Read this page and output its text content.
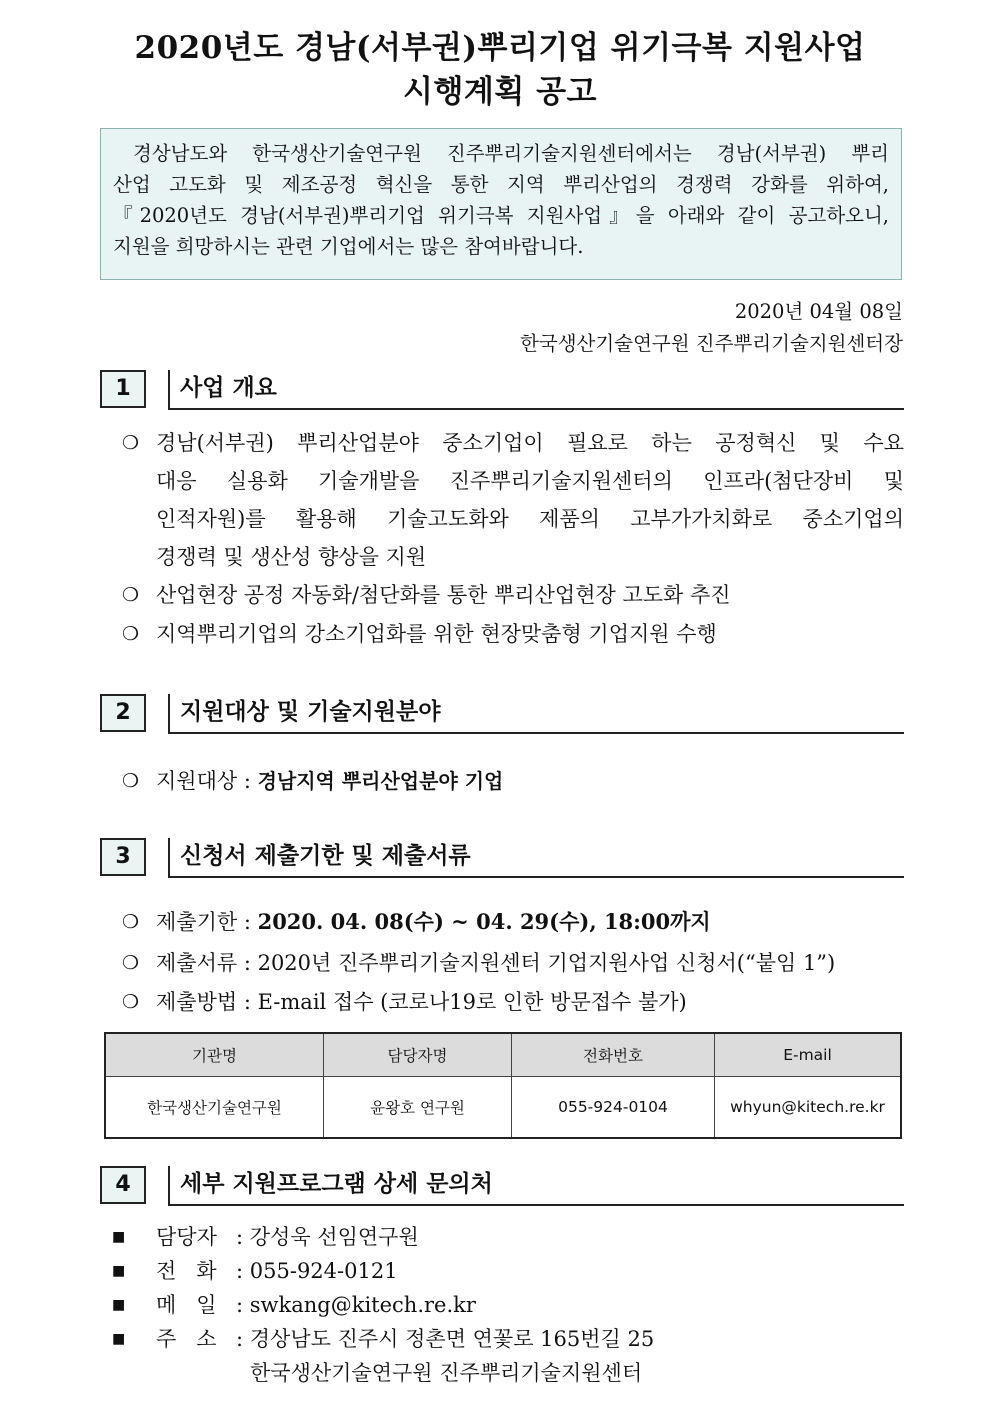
2020년도 경남(서부권)뿌리기업 위기극복 지원사업
시행계획 공고
경상남도와 한국생산기술연구원 진주뿌리기술지원센터에서는 경남(서부권) 뿌리
산업 고도화 및 제조공정 혁신을 통한 지역 뿌리산업의 경쟁력 강화를 위하여,
『2020년도 경남(서부권)뿌리기업 위기극복 지원사업』을 아래와 같이 공고하오니,
지원을 희망하시는 관련 기업에서는 많은 참여바랍니다.
2020년 04월 08일
한국생산기술연구원 진주뿌리기술지원센터장
1	사업 개요
❍ 경남(서부권) 뿌리산업분야 중소기업이 필요로 하는 공정혁신 및 수요
대응 실용화 기술개발을 진주뿌리기술지원센터의 인프라(첨단장비 및
인적자원)를 활용해 기술고도화와 제품의 고부가가치화로 중소기업의
경쟁력 및 생산성 향상을 지원
❍ 산업현장 공정 자동화/첨단화를 통한 뿌리산업현장 고도화 추진
❍ 지역뿌리기업의 강소기업화를 위한 현장맞춤형 기업지원 수행
2	지원대상 및 기술지원분야
❍ 지원대상 : 경남지역 뿌리산업분야 기업
3	신청서 제출기한 및 제출서류
❍ 제출기한 : 2020. 04. 08(수) ~ 04. 29(수), 18:00까지
❍ 제출서류 : 2020년 진주뿌리기술지원센터 기업지원사업 신청서(“붙임 1”)
❍ 제출방법 : E-mail 접수 (코로나19로 인한 방문접수 불가)
기관명	담당자명	전화번호	E-mail
한국생산기술연구원	윤왕호 연구원	055-924-0104	whyun@kitech.re.kr
4	세부 지원프로그램 상세 문의처
■ 담당자 : 강성욱 선임연구원
■ 전   화 : 055-924-0121
■ 메   일 : swkang@kitech.re.kr
■ 주   소 : 경상남도 진주시 정촌면 연꽃로 165번길 25
한국생산기술연구원 진주뿌리기술지원센터
